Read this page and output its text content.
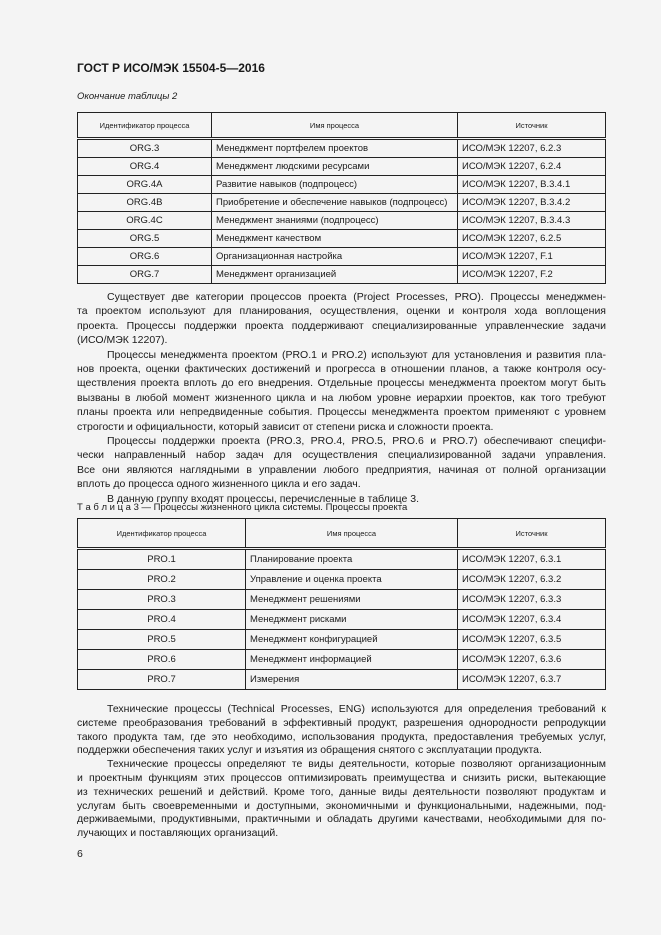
ГОСТ Р ИСО/МЭК 15504-5—2016
Окончание таблицы 2
Идентификатор процесса	Имя процесса	Источник
ORG.3	Менеджмент портфелем проектов	ИСО/МЭК 12207, 6.2.3
ORG.4	Менеджмент людскими ресурсами	ИСО/МЭК 12207, 6.2.4
ORG.4A	Развитие навыков (подпроцесс)	ИСО/МЭК 12207, B.3.4.1
ORG.4B	Приобретение и обеспечение навыков (подпроцесс)	ИСО/МЭК 12207, B.3.4.2
ORG.4C	Менеджмент знаниями (подпроцесс)	ИСО/МЭК 12207, B.3.4.3
ORG.5	Менеджмент качеством	ИСО/МЭК 12207, 6.2.5
ORG.6	Организационная настройка	ИСО/МЭК 12207, F.1
ORG.7	Менеджмент организацией	ИСО/МЭК 12207, F.2
Существует две категории процессов проекта (Project Processes, PRO). Процессы менеджмен-
та проектом используют для планирования, осуществления, оценки и контроля хода воплощения
проекта. Процессы поддержки проекта поддерживают специализированные управленческие задачи
(ИСО/МЭК 12207).
Процессы менеджмента проектом (PRO.1 и PRO.2) используют для установления и развития пла-
нов проекта, оценки фактических достижений и прогресса в отношении планов, а также контроля осу-
ществления проекта вплоть до его внедрения. Отдельные процессы менеджмента проектом могут быть
вызваны в любой момент жизненного цикла и на любом уровне иерархии проектов, как того требуют
планы проекта или непредвиденные события. Процессы менеджмента проектом применяют с уровнем
строгости и официальности, который зависит от степени риска и сложности проекта.
Процессы поддержки проекта (PRO.3, PRO.4, PRO.5, PRO.6 и PRO.7) обеспечивают специфи-
чески направленный набор задач для осуществления специализированной задачи управления.
Все они являются наглядными в управлении любого предприятия, начиная от полной организации
вплоть до процесса одного жизненного цикла и его задач.
В данную группу входят процессы, перечисленные в таблице 3.
Т а б л и ц а 3 — Процессы жизненного цикла системы. Процессы проекта
Идентификатор процесса	Имя процесса	Источник
PRO.1	Планирование проекта	ИСО/МЭК 12207, 6.3.1
PRO.2	Управление и оценка проекта	ИСО/МЭК 12207, 6.3.2
PRO.3	Менеджмент решениями	ИСО/МЭК 12207, 6.3.3
PRO.4	Менеджмент рисками	ИСО/МЭК 12207, 6.3.4
PRO.5	Менеджмент конфигурацией	ИСО/МЭК 12207, 6.3.5
PRO.6	Менеджмент информацией	ИСО/МЭК 12207, 6.3.6
PRO.7	Измерения	ИСО/МЭК 12207, 6.3.7
Технические процессы (Technical Processes, ENG) используются для определения требований к
системе преобразования требований в эффективный продукт, разрешения однородности репродукции
такого продукта там, где это необходимо, использования продукта, предоставления требуемых услуг,
поддержки обеспечения таких услуг и изъятия из обращения снятого с эксплуатации продукта.
Технические процессы определяют те виды деятельности, которые позволяют организационным
и проектным функциям этих процессов оптимизировать преимущества и снизить риски, вытекающие
из технических решений и действий. Кроме того, данные виды деятельности позволяют продуктам и
услугам быть своевременными и доступными, экономичными и функциональными, надежными, под-
держиваемыми, продуктивными, практичными и обладать другими качествами, необходимыми для по-
лучающих и поставляющих организаций.
6
